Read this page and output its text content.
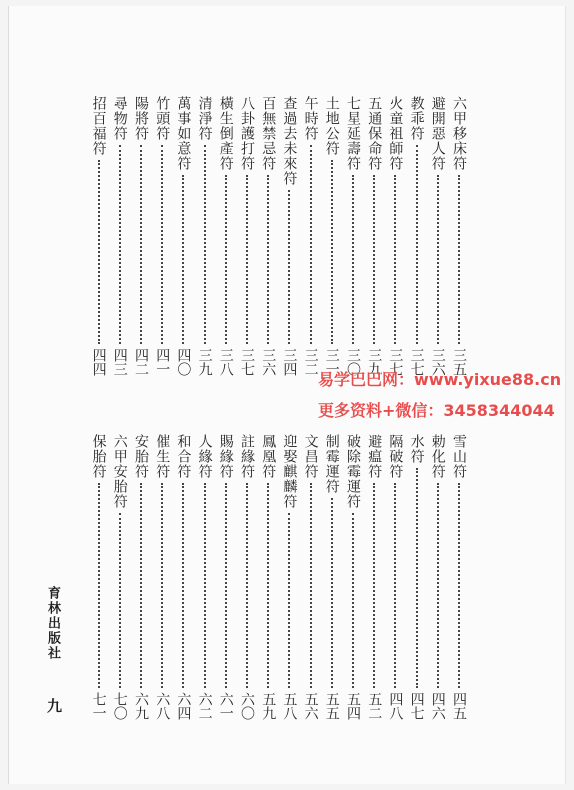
六甲移床符
三五
避開惡人符
三六
教乖符
三七
火童祖師符
三七
五通保命符
三九
七星延壽符
三〇
土地公符
三一
午時符
三二
查過去未來符
三四
百無禁忌符
三六
八卦護打符
三七
橫生倒產符
三八
清淨符
三九
萬事如意符
四〇
竹頭符
四一
陽將符
四二
尋物符
四三
招百福符
四四
雪山符
四五
勅化符
四六
水符
四七
隔破符
四八
避瘟符
五二
破除霉運符
五四
制霉運符
五五
文昌符
五六
迎娶麒麟符
五八
鳳凰符
五九
註緣符
六〇
賜緣符
六一
人緣符
六二
和合符
六四
催生符
六八
安胎符
六九
六甲安胎符
七〇
保胎符
七一
育林出版社
九
易学巴巴网：www.yixue88.cn
更多资料+微信：3458344044
